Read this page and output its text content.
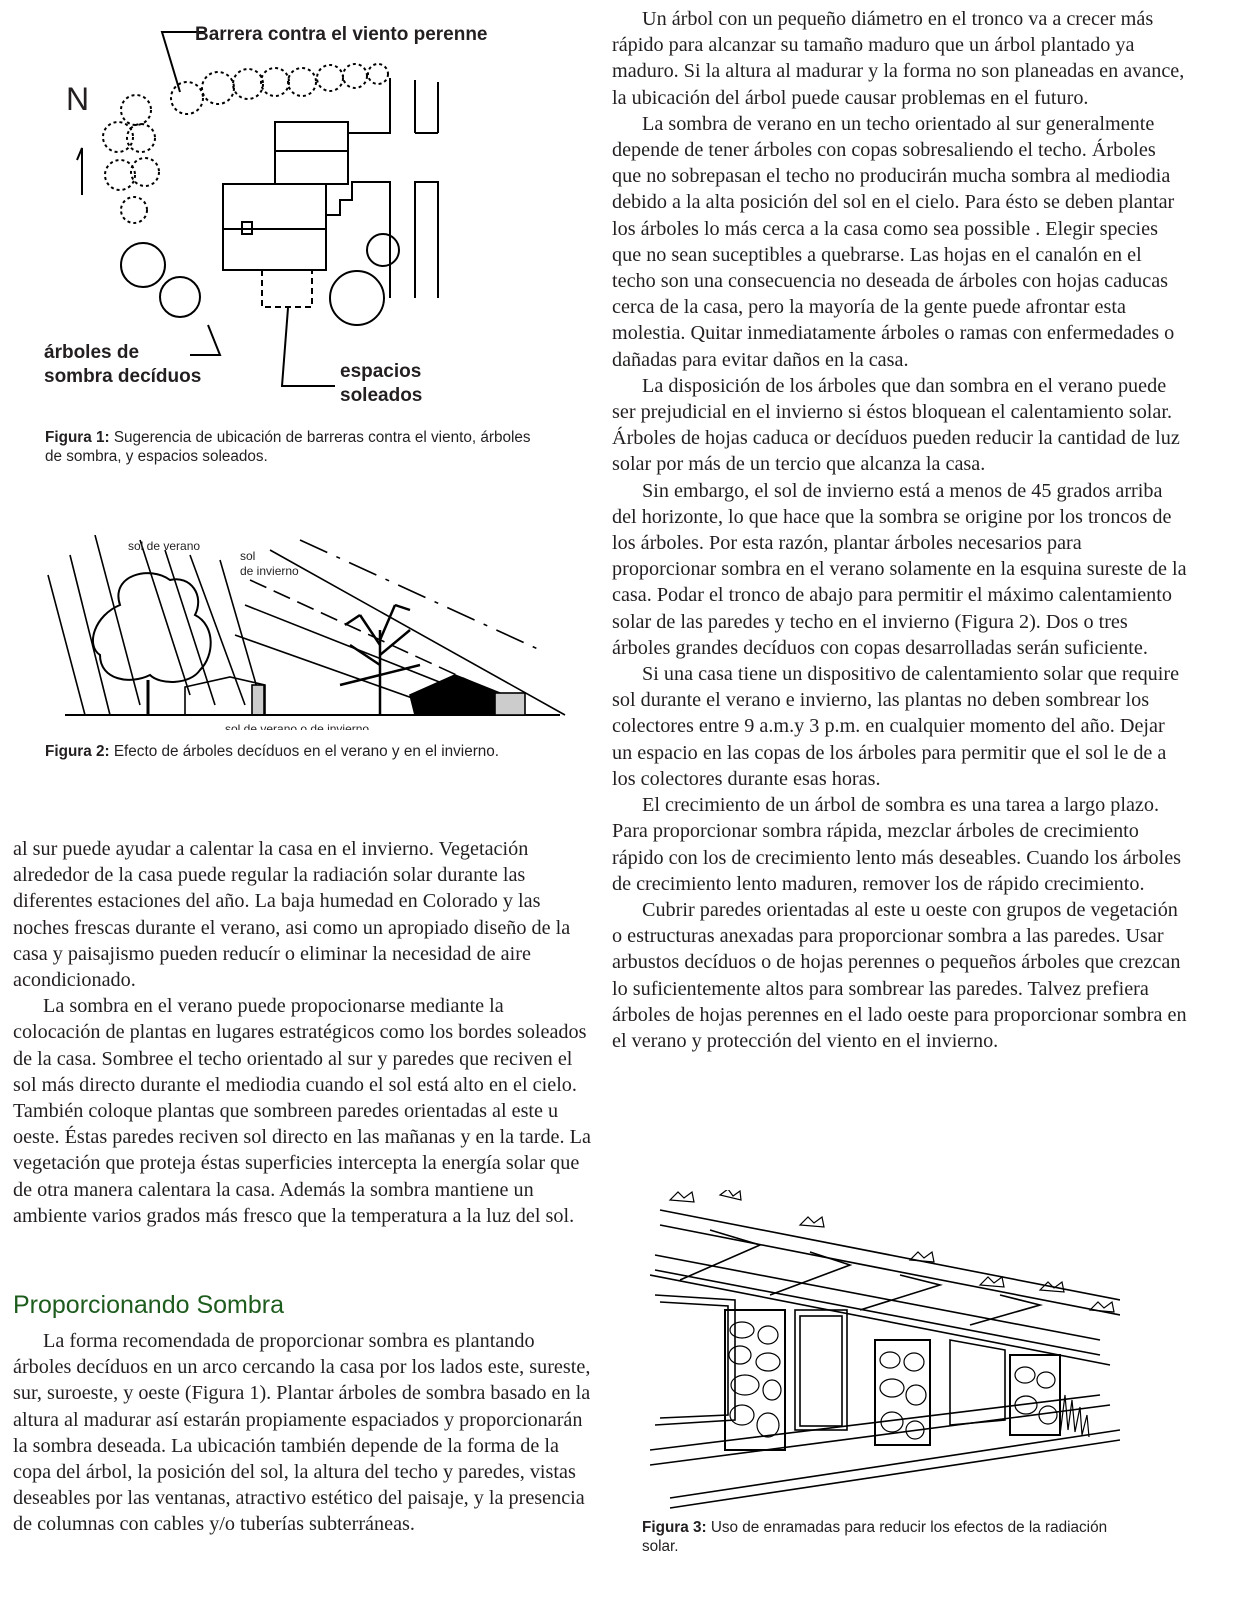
Barrera contra el viento perenne
N
árboles de
sombra decíduos	espacios
soleados

Figura 1: Sugerencia de ubicación de barreras contra el viento, árboles de sombra, y espacios soleados.

sol de verano
sol
de invierno
sol de verano o de invierno

Figura 2: Efecto de árboles decíduos en el verano y en el invierno.

al sur puede ayudar a calentar la casa en el invierno. Vegetación alrededor de la casa puede regular la radiación solar durante las diferentes estaciones del año. La baja humedad en Colorado y las noches frescas durante el verano, asi como un apropiado diseño de la casa y paisajismo pueden reducír o eliminar la necesidad de aire acondicionado.

La sombra en el verano puede propocionarse mediante la colocación de plantas en lugares estratégicos como los bordes soleados de la casa. Sombree el techo orientado al sur y paredes que reciven el sol más directo durante el mediodia cuando el sol está alto en el cielo. También coloque plantas que sombreen paredes orientadas al este u oeste. Éstas paredes reciven sol directo en las mañanas y en la tarde. La vegetación que proteja éstas superficies intercepta la energía solar que de otra manera calentara la casa. Además la sombra mantiene un ambiente varios grados más fresco que la temperatura a la luz del sol.

Proporcionando Sombra

La forma recomendada de proporcionar sombra es plantando árboles decíduos en un arco cercando la casa por los lados este, sureste, sur, suroeste, y oeste (Figura 1). Plantar árboles de sombra basado en la altura al madurar así estarán propiamente espaciados y proporcionarán la sombra deseada. La ubicación también depende de la forma de la copa del árbol, la posición del sol, la altura del techo y paredes, vistas deseables por las ventanas, atractivo estético del paisaje, y la presencia de columnas con cables y/o tuberías subterráneas.

Un árbol con un pequeño diámetro en el tronco va a crecer más rápido para alcanzar su tamaño maduro que un árbol plantado ya maduro. Si la altura al madurar y la forma no son planeadas en avance, la ubicación del árbol puede causar problemas en el futuro.

La sombra de verano en un techo orientado al sur generalmente depende de tener árboles con copas sobresaliendo el techo. Árboles que no sobrepasan el techo no producirán mucha sombra al mediodia debido a la alta posición del sol en el cielo. Para ésto se deben plantar los árboles lo más cerca a la casa como sea possible . Elegir species que no sean suceptibles a quebrarse. Las hojas en el canalón en el techo son una consecuencia no deseada de árboles con hojas caducas cerca de la casa, pero la mayoría de la gente puede afrontar esta molestia. Quitar inmediatamente árboles o ramas con enfermedades o dañadas para evitar daños en la casa.

La disposición de los árboles que dan sombra en el verano puede ser prejudicial en el invierno si éstos bloquean el calentamiento solar. Árboles de hojas caduca or decíduos pueden reducir la cantidad de luz solar por más de un tercio que alcanza la casa.

Sin embargo, el sol de invierno está a menos de 45 grados arriba del horizonte, lo que hace que la sombra se origine por los troncos de los árboles. Por esta razón, plantar árboles necesarios para proporcionar sombra en el verano solamente en la esquina sureste de la casa. Podar el tronco de abajo para permitir el máximo calentamiento solar de las paredes y techo en el invierno (Figura 2). Dos o tres árboles grandes decíduos con copas desarrolladas serán suficiente.

Si una casa tiene un dispositivo de calentamiento solar que require sol durante el verano e invierno, las plantas no deben sombrear los colectores entre 9 a.m.y 3 p.m. en cualquier momento del año. Dejar un espacio en las copas de los árboles para permitir que el sol le de a los colectores durante esas horas.

El crecimiento de un árbol de sombra es una tarea a largo plazo. Para proporcionar sombra rápida, mezclar árboles de crecimiento rápido con los de crecimiento lento más deseables. Cuando los árboles de crecimiento lento maduren, remover los de rápido crecimiento.

Cubrir paredes orientadas al este u oeste con grupos de vegetación o estructuras anexadas para proporcionar sombra a las paredes. Usar arbustos decíduos o de hojas perennes o pequeños árboles que crezcan lo suficientemente altos para sombrear las paredes. Talvez prefiera árboles de hojas perennes en el lado oeste para proporcionar sombra en el verano y protección del viento en el invierno.

Figura 3: Uso de enramadas para reducir los efectos de la radiación solar.
